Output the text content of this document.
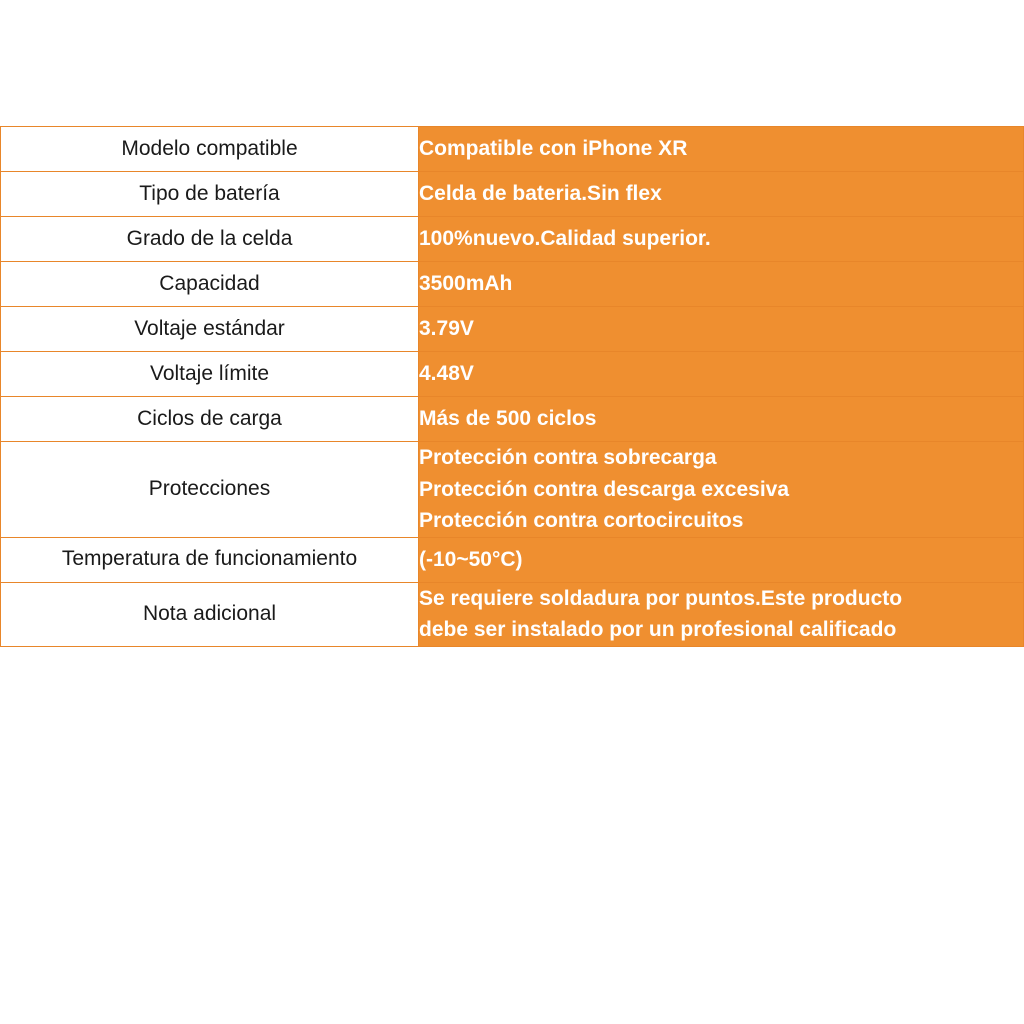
Modelo compatible	Compatible con iPhone XR

Tipo de batería	Celda de bateria.Sin flex

Grado de la celda	100%nuevo.Calidad superior.

Capacidad	3500mAh

Voltaje estándar	3.79V

Voltaje límite	4.48V

Ciclos de carga	Más de 500 ciclos

Protecciones	Protección contra sobrecarga
Protección contra descarga excesiva
Protección contra cortocircuitos

Temperatura de funcionamiento	(-10~50°C)

Nota adicional	Se requiere soldadura por puntos.Este producto
debe ser instalado por un profesional calificado
